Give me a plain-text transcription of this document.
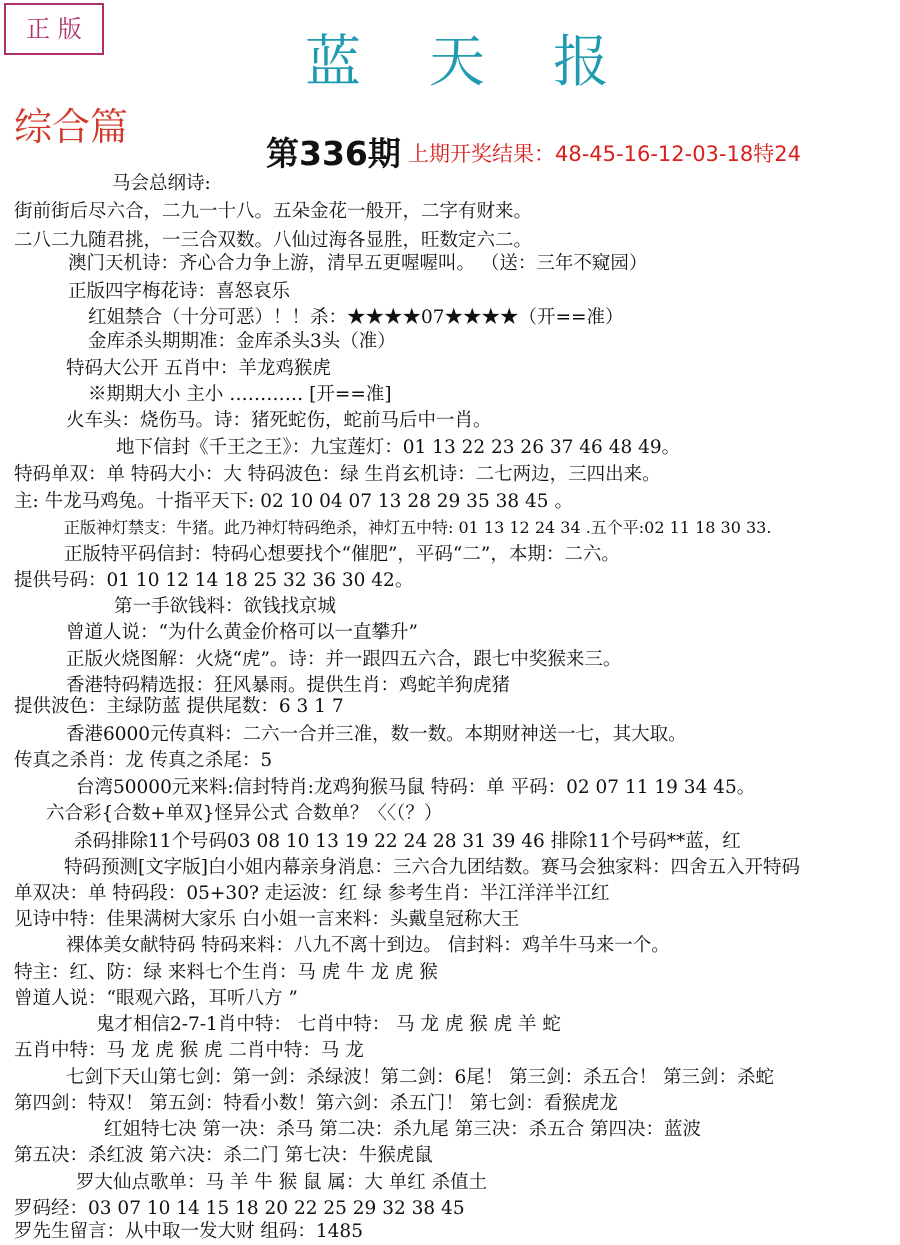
正 版
蓝天报
综合篇
第336期 上期开奖结果：48-45-16-12-03-18特24
马会总纲诗:
街前街后尽六合，二九一十八。五朵金花一般开，二字有财来。
二八二九随君挑，一三合双数。八仙过海各显胜，旺数定六二。
澳门天机诗：齐心合力争上游，清早五更喔喔叫。 （送：三年不窥园）
正版四字梅花诗：喜怒哀乐
红姐禁合（十分可恶）！！杀：★★★★07★★★★（开==准）
金库杀头期期准：金库杀头3头（准）
特码大公开 五肖中：羊龙鸡猴虎
※期期大小 主小 ………… [开==准]
火车头：烧伤马。诗：猪死蛇伤，蛇前马后中一肖。
地下信封《千王之王》：九宝莲灯：01 13 22 23 26 37 46 48 49。
特码单双：单 特码大小：大 特码波色：绿 生肖玄机诗：二七两边，三四出来。
主: 牛龙马鸡兔。十指平天下: 02 10 04 07 13 28 29 35 38 45 。
正版神灯禁支：牛猪。此乃神灯特码绝杀，神灯五中特: 01 13 12 24 34 .五个平:02 11 18 30 33.
正版特平码信封：特码心想要找个“催肥”，平码“二”，本期：二六。
提供号码：01 10 12 14 18 25 32 36 30 42。
第一手欲钱料：欲钱找京城
曾道人说：“为什么黄金价格可以一直攀升”
正版火烧图解：火烧“虎”。诗：并一跟四五六合，跟七中奖猴来三。
香港特码精选报：狂风暴雨。提供生肖：鸡蛇羊狗虎猪
提供波色：主绿防蓝 提供尾数：6 3 1 7
香港6000元传真料：二六一合并三准，数一数。本期财神送一七，其大取。
传真之杀肖：龙 传真之杀尾：5
台湾50000元来料:信封特肖:龙鸡狗猴马鼠 特码：单 平码：02 07 11 19 34 45。
六合彩{合数+单双}怪异公式 合数单？〈〈（？）
杀码排除11个号码03 08 10 13 19 22 24 28 31 39 46 排除11个号码**蓝，红
特码预测[文字版]白小姐内幕亲身消息：三六合九团结数。赛马会独家料：四舍五入开特码
单双决：单 特码段：05+30? 走运波：红 绿 参考生肖：半江洋洋半江红
见诗中特：佳果满树大家乐 白小姐一言来料：头戴皇冠称大王
裸体美女献特码 特码来料：八九不离十到边。 信封料：鸡羊牛马来一个。
特主：红、防：绿 来料七个生肖：马 虎 牛 龙 虎 猴
曾道人说：“眼观六路，耳听八方 ”
鬼才相信2-7-1肖中特： 七肖中特： 马 龙 虎 猴 虎 羊 蛇
五肖中特：马 龙 虎 猴 虎 二肖中特：马 龙
七剑下天山第七剑：第一剑：杀绿波！第二剑：6尾！ 第三剑：杀五合！ 第三剑：杀蛇
第四剑：特双！ 第五剑：特看小数！第六剑：杀五门！ 第七剑：看猴虎龙
红姐特七决 第一决：杀马 第二决：杀九尾 第三决：杀五合 第四决：蓝波
第五决：杀红波 第六决：杀二门 第七决：牛猴虎鼠
罗大仙点歌单：马 羊 牛 猴 鼠 属：大 单红 杀值土
罗码经：03 07 10 14 15 18 20 22 25 29 32 38 45
罗先生留言：从中取一发大财 组码：1485
